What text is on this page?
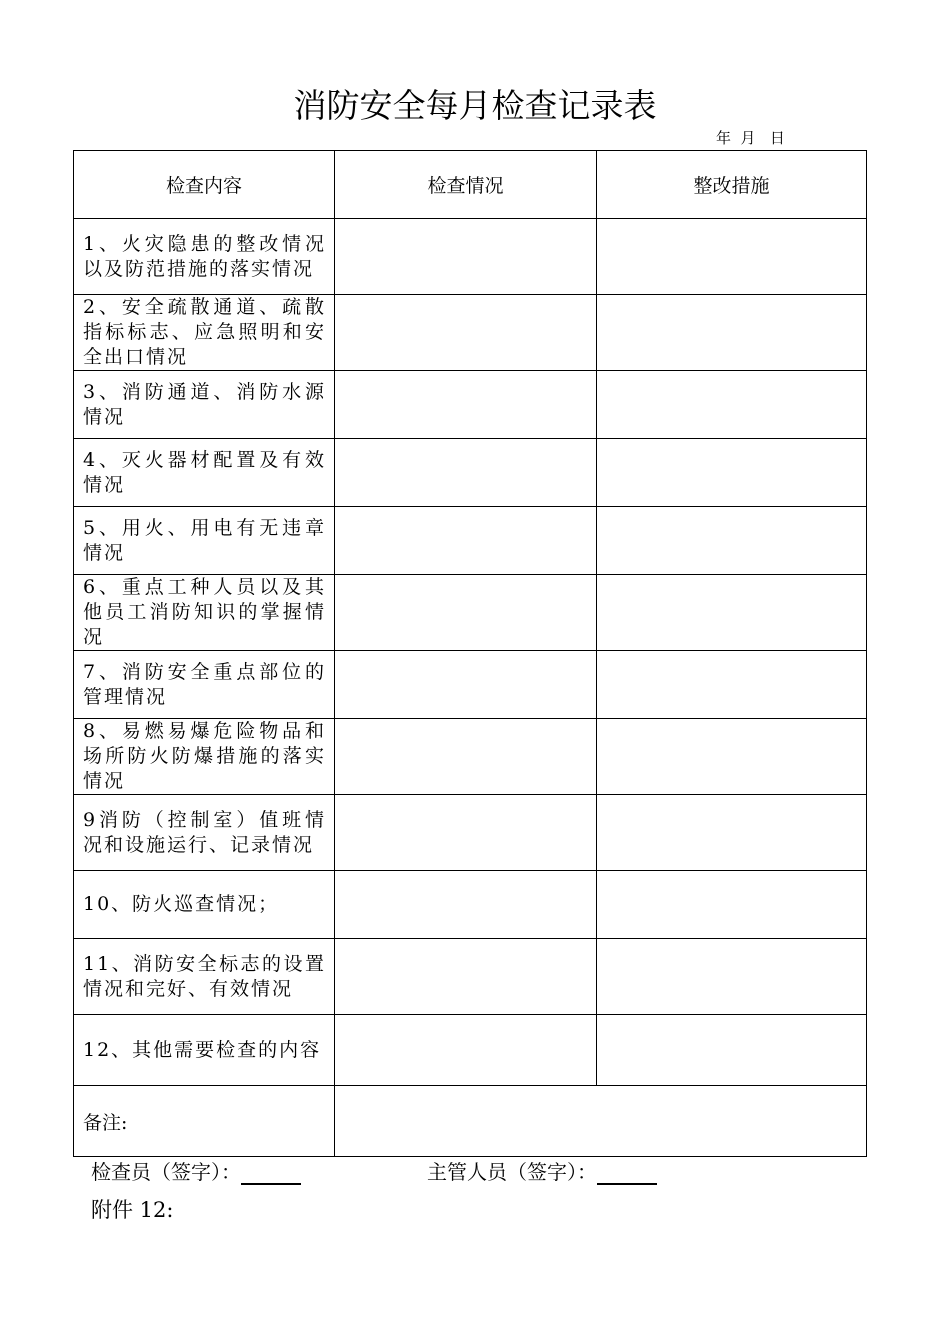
消防安全每月检查记录表
年  月   日
检查内容	检查情况	整改措施
1、火灾隐患的整改情况以及防范措施的落实情况		
2、安全疏散通道、疏散指标标志、应急照明和安全出口情况		
3、消防通道、消防水源情况		
4、灭火器材配置及有效情况		
5、用火、用电有无违章情况		
6、重点工种人员以及其他员工消防知识的掌握情况		
7、消防安全重点部位的管理情况		
8、易燃易爆危险物品和场所防火防爆措施的落实情况		
9消防（控制室）值班情况和设施运行、记录情况		
10、防火巡查情况；		
11、消防安全标志的设置情况和完好、有效情况		
12、其他需要检查的内容		
备注:		
检查员（签字）：	主管人员（签字）：
附件 12:
